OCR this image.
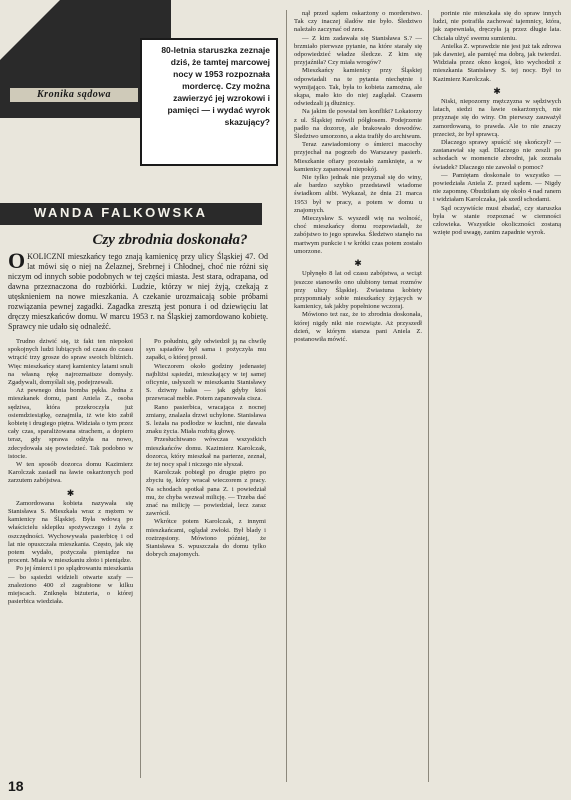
Kronika sądowa
80-letnia staruszka zeznaje dziś, że tamtej marcowej nocy w 1953 rozpoznała mordercę. Czy można zawierzyć jej wzrokowi i pamięci — i wydać wyrok skazujący?
WANDA FALKOWSKA
Czy zbrodnia doskonała?
O KOLICZNI mieszkańcy tego znają kamienicę przy ulicy Śląskiej 47. Od lat mówi się o niej na Żelaznej, Srebrnej i Chłodnej, choć nie różni się niczym od innych sobie podobnych w tej części miasta. Jest stara, odrapana, od dawna przeznaczona do rozbiórki. Ludzie, którzy w niej żyją, czekają z utęsknieniem na nowe mieszkania. A czekanie urozmaicają sobie próbami rozwiązania pewnej zagadki. Zagadka zresztą jest ponura i od dziewięciu lat dręczy mieszkańców domu. W marcu 1953 r. na Śląskiej zamordowano kobietę. Sprawcy nie udało się odnaleźć.

Trudno dziwić się, iż fakt ten niepokoi spokojnych ludzi lubiących od czasu do czasu wtrącić trzy grosze do spraw swoich bliźnich. Więc mieszkańcy starej kamienicy latami snuli na własną rękę najrozmaitsze domysły. Zgadywali, domyślali się, podejrzewali.

Aż pewnego dnia bomba pękła. Jedna z mieszkanek domu, pani Aniela Z., osoba sędziwa, która przekroczyła już osiemdziesiątkę, oznajmiła, iż wie kto zabił kobietę i drugiego piętra. Widziała o tym przez cały czas, sparaliżowana strachem, a dopiero teraz, gdy sprawa odżyła na nowo, zdecydowała się powiedzieć. Tak podobno w istocie.

W ten sposób dozorca domu Kazimierz Karolczak zasiadł na ławie oskarżonych pod zarzutem zabójstwa.

✱

Zamordowana kobieta nazywała się Stanisława S. Mieszkała wraz z mężem w kamienicy na Śląskiej. Była wdową po właścicielu sklepiku spożywczego i żyła z oszczędności. Wychowywała pasierbicę i od lat nie opuszczała mieszkania. Często, jak się potem wydało, pożyczała pieniądze na procent. Miała w mieszkaniu złoto i pieniądze.

Po jej śmierci i po splądrowaniu mieszkania — bo sąsiedzi widzieli otwarte szafy — znaleziono 400 zł zagrabione w kilku miejscach. Zniknęła biżuteria, o której pasierbica wiedziała.

Po południu, gdy odwiedził ją na chwilę syn sąsiadów był sama i pożyczyła mu zapałki, o której prosił.

Wieczorem około godziny jedenastej najbliżsi sąsiedzi, mieszkający w tej samej oficynie, usłyszeli w mieszkaniu Stanisławy S. dziwny hałas — jak gdyby ktoś przewracał meble. Potem zapanowała cisza.

Rano pasierbica, wracająca z nocnej zmiany, znalazła drzwi uchylone. Stanisława S. leżała na podłodze w kuchni, nie dawała znaku życia. Miała rozbitą głowę.

Przesłuchiwano wówczas wszystkich mieszkańców domu. Kazimierz Karolczak, dozorca, który mieszkał na parterze, zeznał, że tej nocy spał i niczego nie słyszał.

Karolczak pobiegł po drugie piętro po zbyciu tę, który wracał wieczorem z pracy. Na schodach spotkał pana Z. i powiedział mu, że chyba wezwał milicję. — Trzeba dać znać na milicję — powiedział, lecz zaraz zawrócił.

Wkrótce potem Karolczak, z innymi mieszkańcami, oglądał zwłoki. Był blady i roztrzęsiony. Mówiono później, że Stanisława S. wpuszczała do domu tylko dobrych znajomych.

nął przed sądem oskarżony o morderstwo. Tak czy inaczej śladów nie było. Śledztwo należało zaczynać od zera.

— Z kim zadawała się Stanisława S.? — brzmiało pierwsze pytanie, na które starały się odpowiedzieć władze śledcze. Z kim się przyjaźniła? Czy miała wrogów?

Mieszkańcy kamienicy przy Śląskiej odpowiadali na te pytania niechętnie i wymijająco. Tak, była to kobieta zamożna, ale skąpa, mało kto do niej zaglądał. Czasem odwiedzali ją dłużnicy.

Na jakim tle powstał ten konflikt? Lokatorzy z ul. Śląskiej mówili półgłosem. Podejrzenie padło na dozorcę, ale brakowało dowodów. Śledztwo umorzono, a akta trafiły do archiwum.

Teraz zawiadomiony o śmierci macochy przyjechał na pogrzeb do Warszawy pasierb. Mieszkanie ofiary pozostało zamknięte, a w kamienicy zapanował niepokój.

Nie tylko jednak nie przyznał się do winy, ale bardzo szybko przedstawił wiadome świadkom alibi. Wykazał, że dnia 21 marca 1953 był w pracy, a potem w domu u znajomych.

Mieczysław S. wyszedł wię na wolność, choć mieszkańcy domu rozpowiadali, że zabójstwo to jego sprawka. Śledztwo stanęło na martwym punkcie i w krótki czas potem zostało umorzone.

✱

Upłynęło 8 lat od czasu zabójstwa, a wciąż jeszcze stanowiło ono ulubiony temat rozmów przy ulicy Śląskiej. Żwiastuna kobiety przypomniały sobie mieszkańcy żyjących w kamienicy, tak jakby popełnione wczoraj.

Mówiono też raz, że to zbrodnia doskonała, której nigdy nikt nie rozwiąże. Aż przyszedł dzień, w którym starsza pani Aniela Z. postanowiła mówić.

porinie nie mieszkała się do spraw innych ludzi, nie potrafiła zachować tajemnicy, która, jak zapewniała, dręczyła ją przez długie lata. Chciała ulżyć swemu sumieniu.

Anielka Z. wprawdzie nie jest już tak zdrowa jak dawniej, ale pamięć ma dobrą, jak twierdzi. Widziała przez okno kogoś, kto wychodził z mieszkania Stanisławy S. tej nocy. Był to Kazimierz Karolczak.

✱

Niski, niepozorny mężczyzna w sędziwych latach, siedzi na ławie oskarżonych, nie przyznaje się do winy. On pierwszy zauważył zamordowaną, to prawda. Ale to nie znaczy przecież, że był sprawcą.

Dlaczego sprawy spuścić się skończył? — zastanawiał się sąd. Dlaczego nie zeszli po schodach w momencie zbrodni, jak zeznała świadek? Dlaczego nie zawołał o pomoc?

— Pamiętam doskonale to wszystko — powiedziała Aniela Z. przed sądem. — Nigdy nie zapomnę. Obudziłam się około 4 nad ranem i widziałam Karolczaka, jak szedł schodami.

Sąd oczywiście musi zbadać, czy staruszka była w stanie rozpoznać w ciemności człowieka. Wszystkie okoliczności zostaną wzięte pod uwagę, zanim zapadnie wyrok.

18
